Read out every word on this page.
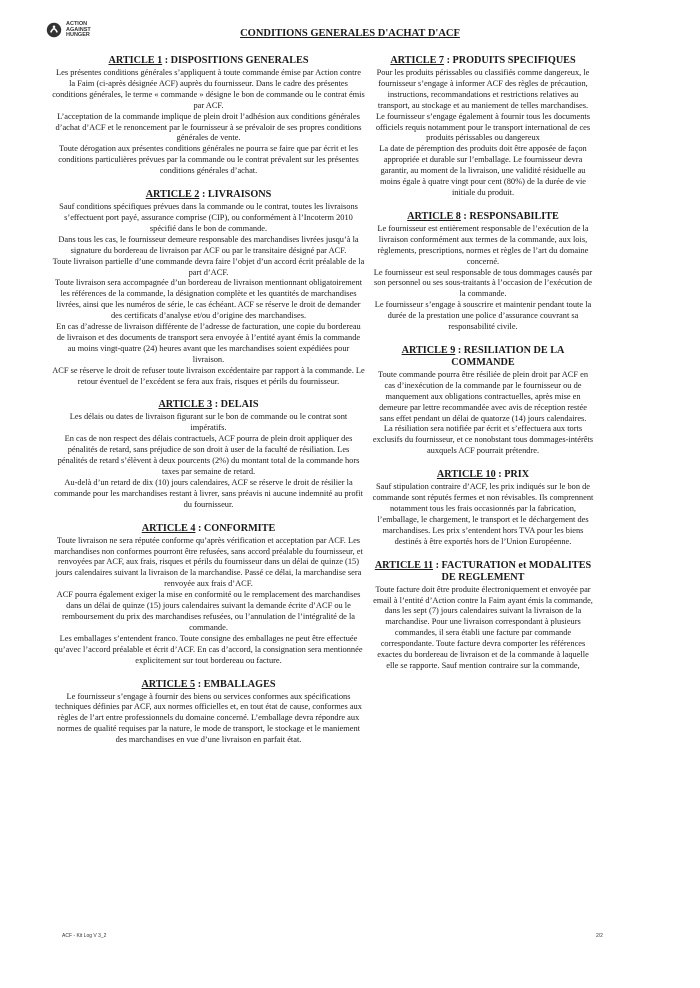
ACTION
AGAINST
HUNGER	CONDITIONS GENERALES D'ACHAT D'ACF
ARTICLE 1 : DISPOSITIONS GENERALES

Les présentes conditions générales s’appliquent à toute commande émise par Action contre la Faim (ci-après désignée ACF) auprès du fournisseur. Dans le cadre des présentes conditions générales, le terme « commande » désigne le bon de commande ou le contrat émis par ACF.

L’acceptation de la commande implique de plein droit l’adhésion aux conditions générales d’achat d’ACF et le renoncement par le fournisseur à se prévaloir de ses propres conditions générales de vente.

Toute dérogation aux présentes conditions générales ne pourra se faire que par écrit et les conditions particulières prévues par la commande ou le contrat prévalent sur les présentes conditions générales d’achat.

ARTICLE 2 : LIVRAISONS

Sauf conditions spécifiques prévues dans la commande ou le contrat, toutes les livraisons s’effectuent port payé, assurance comprise (CIP), ou conformément à l’Incoterm 2010 spécifié dans le bon de commande.

Dans tous les cas, le fournisseur demeure responsable des marchandises livrées jusqu’à la signature du bordereau de livraison par ACF ou par le transitaire désigné par ACF.

Toute livraison partielle d’une commande devra faire l’objet d’un accord écrit préalable de la part d’ACF.

Toute livraison sera accompagnée d’un bordereau de livraison mentionnant obligatoirement les références de la commande, la désignation complète et les quantités de marchandises livrées, ainsi que les numéros de série, le cas échéant. ACF se réserve le droit de demander des certificats d’analyse et/ou d’origine des marchandises.

En cas d’adresse de livraison différente de l’adresse de facturation, une copie du bordereau de livraison et des documents de transport sera envoyée à l’entité ayant émis la commande au moins vingt-quatre (24) heures avant que les marchandises soient expédiées pour livraison.

ACF se réserve le droit de refuser toute livraison excédentaire par rapport à la commande. Le retour éventuel de l’excédent se fera aux frais, risques et périls du fournisseur.

ARTICLE 3 : DELAIS

Les délais ou dates de livraison figurant sur le bon de commande ou le contrat sont impératifs.

En cas de non respect des délais contractuels, ACF pourra de plein droit appliquer des pénalités de retard, sans préjudice de son droit à user de la faculté de résiliation. Les pénalités de retard s’élèvent à deux pourcents (2%) du montant total de la commande hors taxes par semaine de retard.

Au-delà d’un retard de dix (10) jours calendaires, ACF se réserve le droit de résilier la commande pour les marchandises restant à livrer, sans préavis ni aucune indemnité au profit du fournisseur.

ARTICLE 4 : CONFORMITE

Toute livraison ne sera réputée conforme qu’après vérification et acceptation par ACF. Les marchandises non conformes pourront être refusées, sans accord préalable du fournisseur, et renvoyées par ACF, aux frais, risques et périls du fournisseur dans un délai de quinze (15) jours calendaires suivant la livraison de la marchandise. Passé ce délai, la marchandise sera renvoyée aux frais d’ACF.

ACF pourra également exiger la mise en conformité ou le remplacement des marchandises dans un délai de quinze (15) jours calendaires suivant la demande écrite d’ACF ou le remboursement du prix des marchandises refusées, ou l’annulation de l’intégralité de la commande.

Les emballages s’entendent franco. Toute consigne des emballages ne peut être effectuée qu’avec l’accord préalable et écrit d’ACF. En cas d’accord, la consignation sera mentionnée explicitement sur tout bordereau ou facture.

ARTICLE 5 : EMBALLAGES

Le fournisseur s’engage à fournir des biens ou services conformes aux spécifications techniques définies par ACF, aux normes officielles et, en tout état de cause, conformes aux règles de l’art entre professionnels du domaine concerné. L’emballage devra répondre aux normes de qualité requises par la nature, le mode de transport, le stockage et le maniement des marchandises en vue d’une livraison en parfait état.

ARTICLE 7 : PRODUITS SPECIFIQUES

Pour les produits périssables ou classifiés comme dangereux, le fournisseur s’engage à informer ACF des règles de précaution, instructions, recommandations et restrictions relatives au transport, au stockage et au maniement de telles marchandises.

Le fournisseur s’engage également à fournir tous les documents officiels requis notamment pour le transport international de ces produits périssables ou dangereux

La date de péremption des produits doit être apposée de façon appropriée et durable sur l’emballage. Le fournisseur devra garantir, au moment de la livraison, une validité résiduelle au moins égale à quatre vingt pour cent (80%) de la durée de vie initiale du produit.

ARTICLE 8 : RESPONSABILITE

Le fournisseur est entièrement responsable de l’exécution de la livraison conformément aux termes de la commande, aux lois, règlements, prescriptions, normes et règles de l’art du domaine concerné.

Le fournisseur est seul responsable de tous dommages causés par son personnel ou ses sous-traitants à l’occasion de l’exécution de la commande.

Le fournisseur s’engage à souscrire et maintenir pendant toute la durée de la prestation une police d’assurance couvrant sa responsabilité civile.

ARTICLE 9 : RESILIATION DE LA COMMANDE

Toute commande pourra être résiliée de plein droit par ACF en cas d’inexécution de la commande par le fournisseur ou de manquement aux obligations contractuelles, après mise en demeure par lettre recommandée avec avis de réception restée sans effet pendant un délai de quatorze (14) jours calendaires.

La résiliation sera notifiée par écrit et s’effectuera aux torts exclusifs du fournisseur, et ce nonobstant tous dommages-intérêts auxquels ACF pourrait prétendre.

ARTICLE 10 : PRIX

Sauf stipulation contraire d’ACF, les prix indiqués sur le bon de commande sont réputés fermes et non révisables. Ils comprennent notamment tous les frais occasionnés par la fabrication, l’emballage, le chargement, le transport et le déchargement des marchandises. Les prix s’entendent hors TVA pour les biens destinés à être exportés hors de l’Union Européenne.

ARTICLE 11 : FACTURATION et MODALITES DE REGLEMENT

Toute facture doit être produite électroniquement et envoyée par email à l’entité d’Action contre la Faim ayant émis la commande, dans les sept (7) jours calendaires suivant la livraison de la marchandise. Pour une livraison correspondant à plusieurs commandes, il sera établi une facture par commande correspondante. Toute facture devra comporter les références exactes du bordereau de livraison et de la commande à laquelle elle se rapporte. Sauf mention contraire sur la commande,

ACF - Kit Log V 3_2	2/2
